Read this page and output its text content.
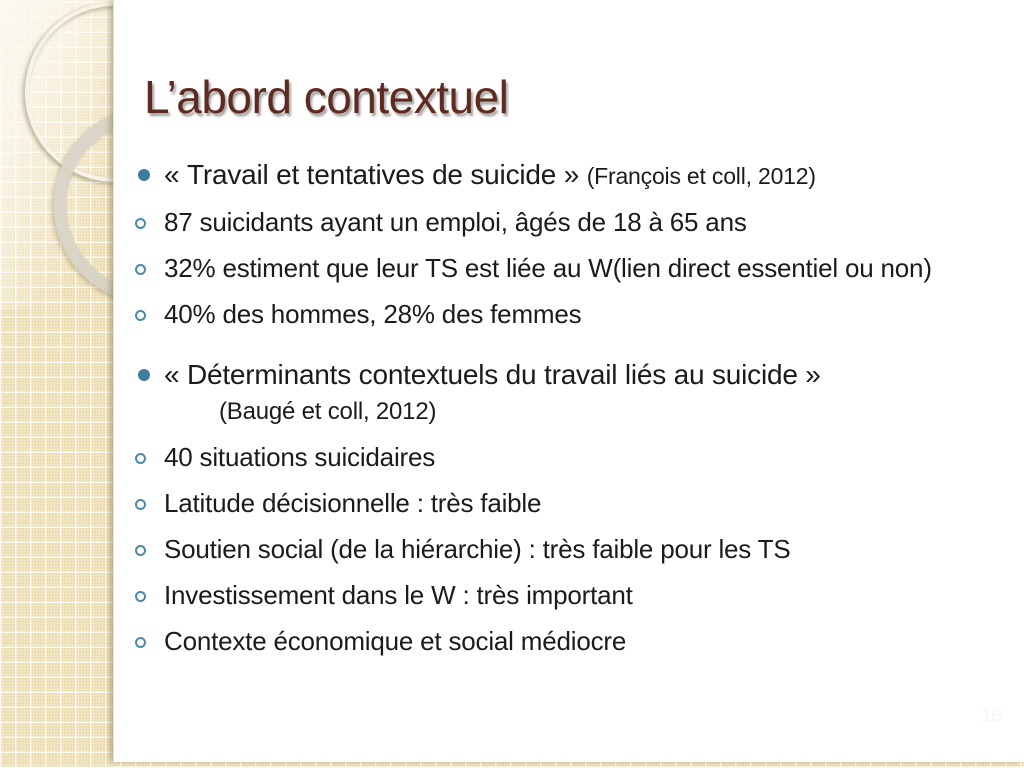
L’abord contextuel
« Travail et tentatives de suicide » (François et coll, 2012)
87 suicidants ayant un emploi, âgés de 18 à 65 ans
32% estiment que leur TS est liée au W(lien direct essentiel ou non)
40% des hommes, 28% des femmes
« Déterminants contextuels du travail liés au suicide »
(Baugé et coll, 2012)
40 situations suicidaires
Latitude décisionnelle : très faible
Soutien social (de la hiérarchie) : très faible pour les TS
Investissement dans le W : très important
Contexte économique et social médiocre
16
